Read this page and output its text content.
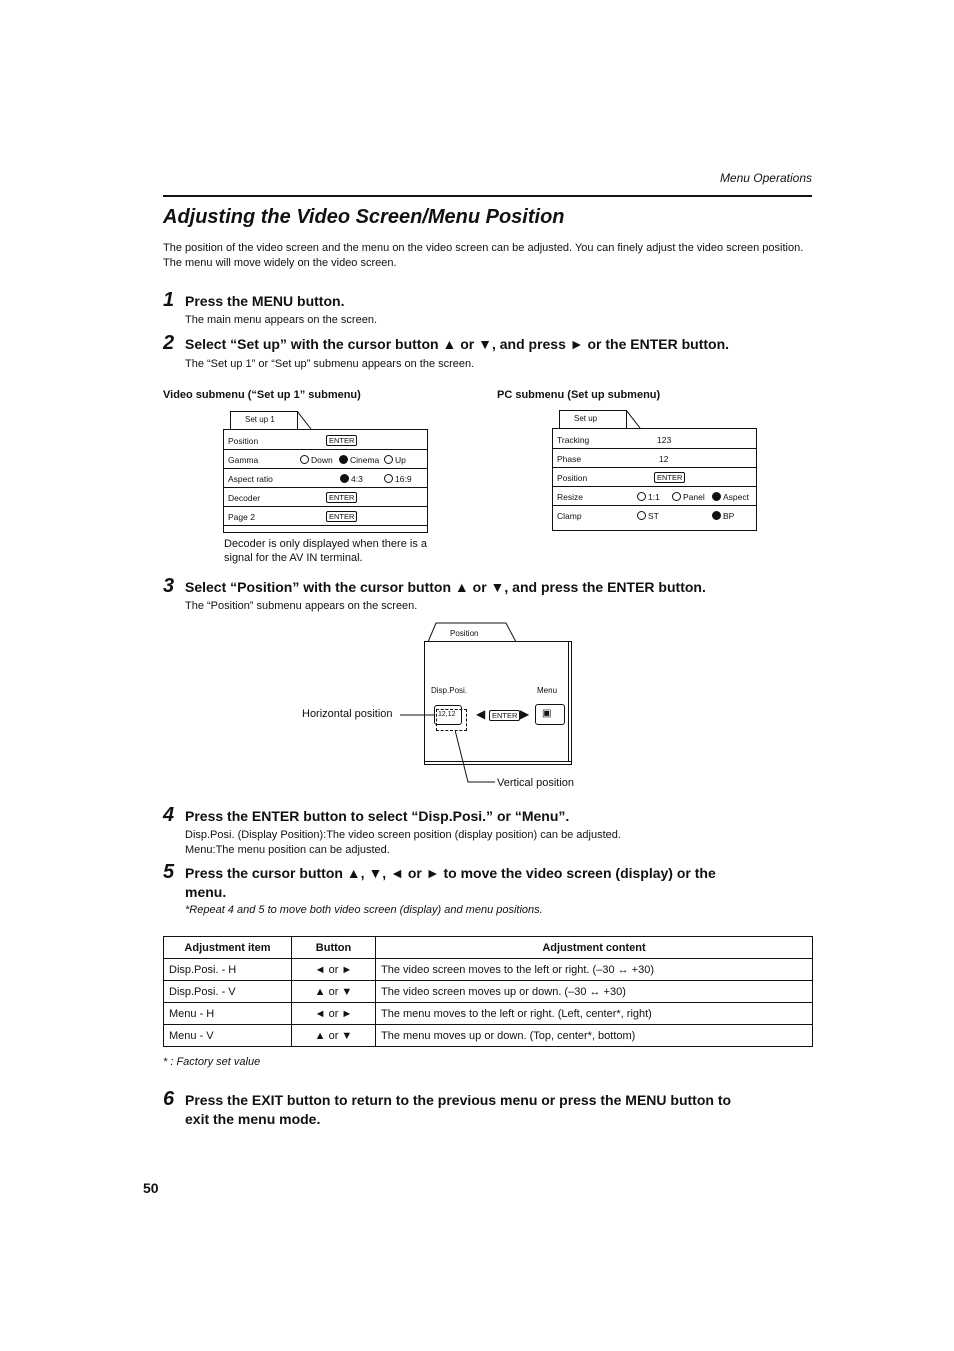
Menu Operations
Adjusting the Video Screen/Menu Position
The position of the video screen and the menu on the video screen can be adjusted. You can finely adjust the video screen position. The menu will move widely on the video screen.
1 Press the MENU button.
The main menu appears on the screen.
2 Select “Set up” with the cursor button ▲ or ▼, and press ► or the ENTER button.
The “Set up 1” or “Set up” submenu appears on the screen.
Video submenu (“Set up 1” submenu)
Set up 1
Position	ENTER
Gamma	Down	Cinema	Up
Aspect ratio	4:3	16:9
Decoder	ENTER
Page 2	ENTER
Decoder is only displayed when there is a
signal for the AV IN terminal.
PC submenu (Set up submenu)
Set up
Tracking	123
Phase	12
Position	ENTER
Resize	1:1	Panel	Aspect
Clamp	ST	BP
3 Select “Position” with the cursor button ▲ or ▼, and press the ENTER button.
The “Position” submenu appears on the screen.
Position
Disp.Posi.	Menu
12,12 ◀ ENTER ▶ ▣
Horizontal position
Vertical position
4 Press the ENTER button to select “Disp.Posi.” or “Menu”.
Disp.Posi. (Display Position):The video screen position (display position) can be adjusted.
Menu:The menu position can be adjusted.
5 Press the cursor button ▲, ▼, ◄ or ► to move the video screen (display) or the
menu.
*Repeat 4 and 5 to move both video screen (display) and menu positions.
Adjustment item	Button	Adjustment content
Disp.Posi. - H	◄ or ►	The video screen moves to the left or right. (–30 ↔ +30)
Disp.Posi. - V	▲ or ▼	The video screen moves up or down. (–30 ↔ +30)
Menu - H	◄ or ►	The menu moves to the left or right. (Left, center*, right)
Menu - V	▲ or ▼	The menu moves up or down. (Top, center*, bottom)
* : Factory set value
6 Press the EXIT button to return to the previous menu or press the MENU button to
exit the menu mode.
50
